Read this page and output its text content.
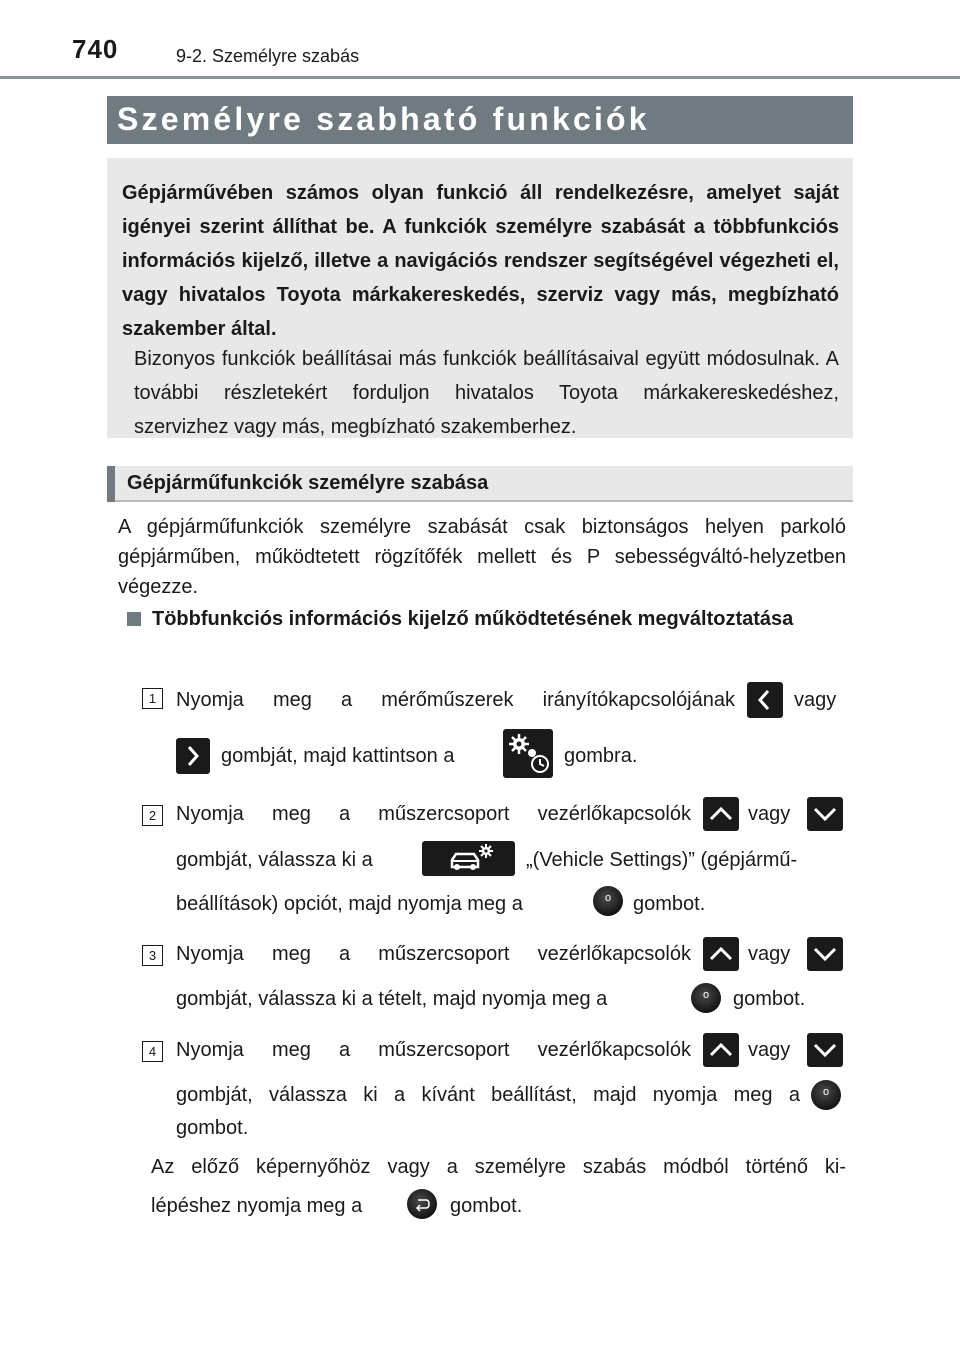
740	9-2. Személyre szabás
Személyre szabható funkciók
Gépjárművében számos olyan funkció áll rendelkezésre, amelyet saját igényei szerint állíthat be. A funkciók személyre szabását a többfunkciós információs kijelző, illetve a navigációs rendszer segítségével végezheti el, vagy hivatalos Toyota márkakereskedés, szerviz vagy más, megbízható szakember által.
Bizonyos funkciók beállításai más funkciók beállításaival együtt módosulnak. A további részletekért forduljon hivatalos Toyota márkakereskedéshez, szervizhez vagy más, megbízható szakemberhez.
Gépjárműfunkciók személyre szabása
A gépjárműfunkciók személyre szabását csak biztonságos helyen parkoló gépjárműben, működtetett rögzítőfék mellett és P sebességváltó-helyzetben végezze.
Többfunkciós információs kijelző működtetésének megváltoztatása
1 Nyomja meg a mérőműszerek irányítókapcsolójának	vagy
gombját, majd kattintson a	gombra.
2 Nyomja meg a műszercsoport vezérlőkapcsolók	vagy
gombját, válassza ki a	„(Vehicle Settings)” (gépjármű-
beállítások) opciót, majd nyomja meg a	o	gombot.
3 Nyomja meg a műszercsoport vezérlőkapcsolók	vagy
gombját, válassza ki a tételt, majd nyomja meg a	o	gombot.
4 Nyomja meg a műszercsoport vezérlőkapcsolók	vagy
gombját, válassza ki a kívánt beállítást, majd nyomja meg a	o
gombot.
Az előző képernyőhöz vagy a személyre szabás módból történő ki-
lépéshez nyomja meg a	gombot.
